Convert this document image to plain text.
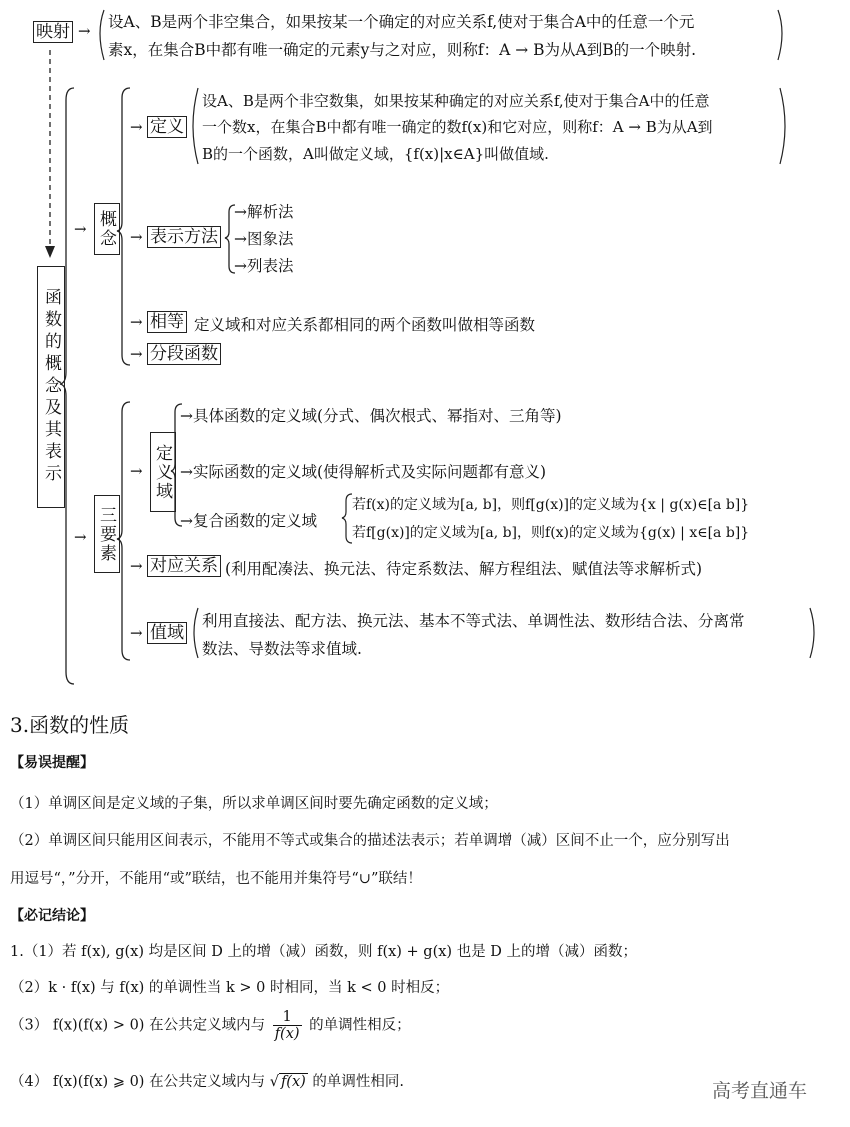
映射 → 设A、B是两个非空集合，如果按某一个确定的对应关系f,使对于集合A中的任意一个元
素x，在集合B中都有唯一确定的元素y与之对应，则称f：A → B为从A到B的一个映射.
函数的概念及其表示
→ 概念
→ 定义
设A、B是两个非空数集，如果按某种确定的对应关系f,使对于集合A中的任意
一个数x，在集合B中都有唯一确定的数f(x)和它对应，则称f：A → B为从A到
B的一个函数，A叫做定义域，{f(x)|x∈A}叫做值域.
→ 表示方法
→解析法
→图象法
→列表法
→ 相等 定义域和对应关系都相同的两个函数叫做相等函数
→ 分段函数
→ 三要素
→ 定义域
→具体函数的定义域(分式、偶次根式、幂指对、三角等)
→实际函数的定义域(使得解析式及实际问题都有意义)
→复合函数的定义域
若f(x)的定义域为[a, b]，则f[g(x)]的定义域为{x | g(x)∈[a b]}
若f[g(x)]的定义域为[a, b]，则f(x)的定义域为{g(x) | x∈[a b]}
→ 对应关系 (利用配凑法、换元法、待定系数法、解方程组法、赋值法等求解析式)
→ 值域
利用直接法、配方法、换元法、基本不等式法、单调性法、数形结合法、分离常
数法、导数法等求值域.
3.函数的性质
【易误提醒】
（1）单调区间是定义域的子集，所以求单调区间时要先确定函数的定义域；
（2）单调区间只能用区间表示，不能用不等式或集合的描述法表示；若单调增（减）区间不止一个，应分别写出
用逗号“，”分开，不能用“或”联结，也不能用并集符号“∪”联结！
【必记结论】
1.（1）若 f(x), g(x) 均是区间 D 上的增（减）函数，则 f(x) + g(x) 也是 D 上的增（减）函数；
（2）k · f(x) 与 f(x) 的单调性当 k > 0 时相同，当 k < 0 时相反；
（3） f(x)(f(x) > 0) 在公共定义域内与 $\frac{1}{f(x)}$ 的单调性相反；
（4） f(x)(f(x) ⩾ 0) 在公共定义域内与 √ f(x) 的单调性相同.	高考直通车
